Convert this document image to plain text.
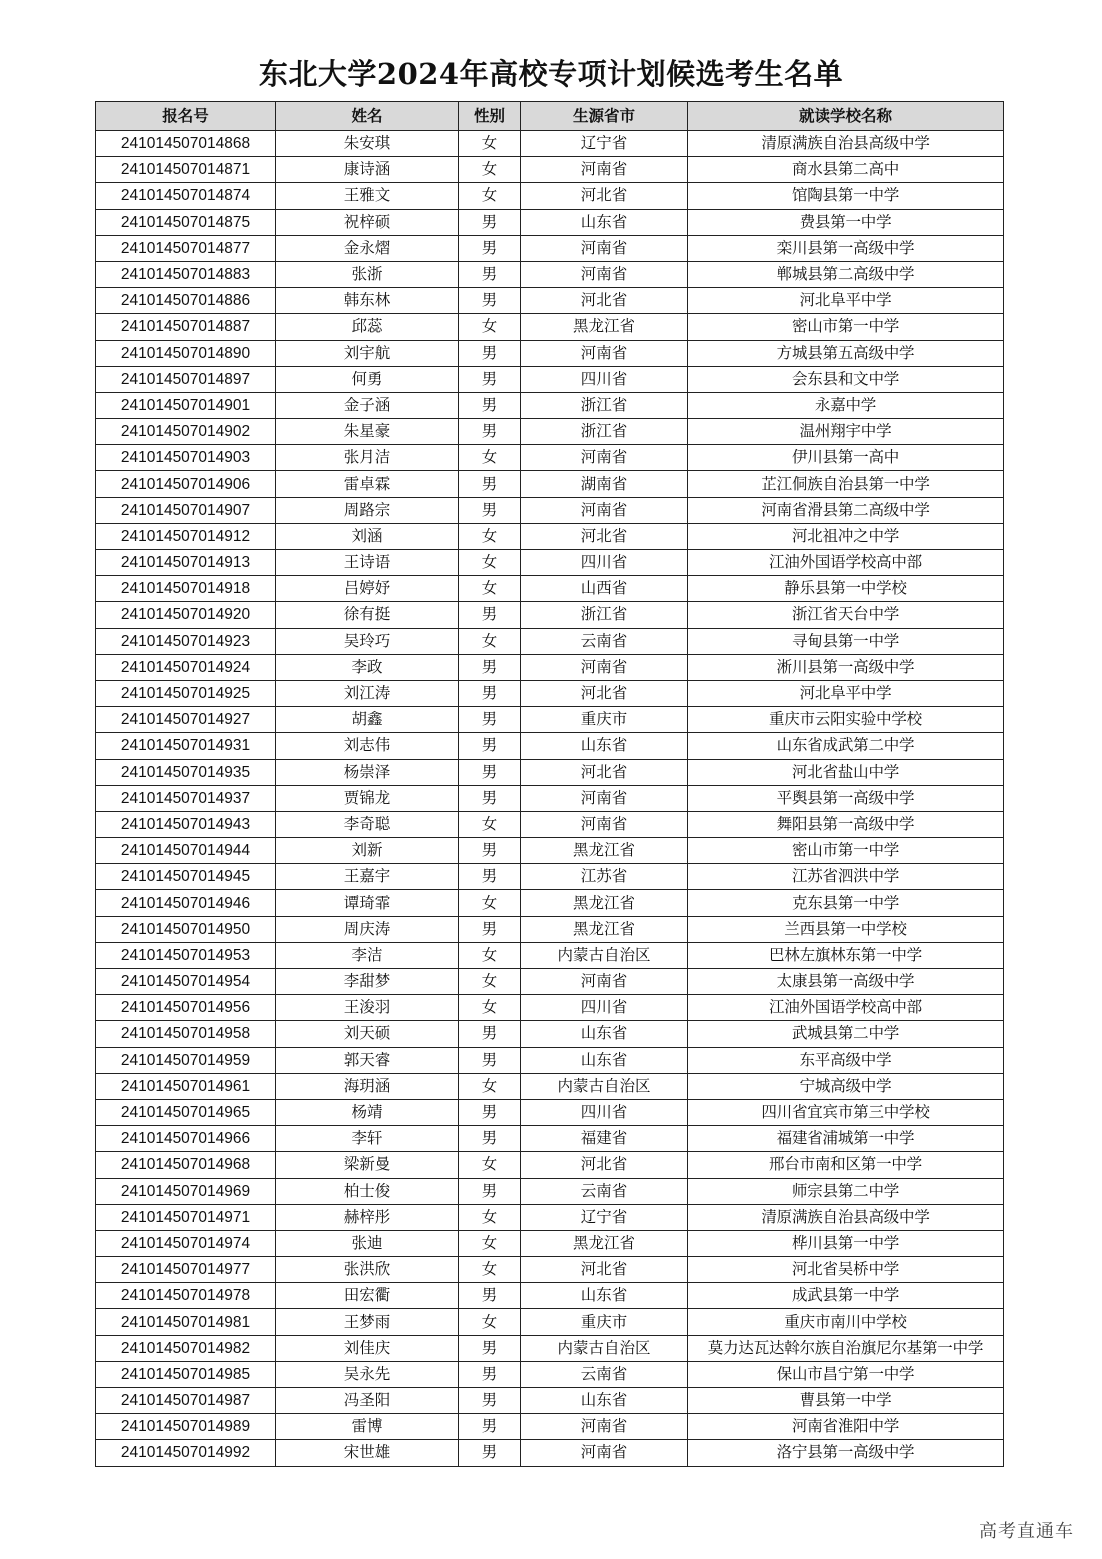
东北大学2024年高校专项计划候选考生名单
报名号	姓名	性别	生源省市	就读学校名称
241014507014868	朱安琪	女	辽宁省	清原满族自治县高级中学
241014507014871	康诗涵	女	河南省	商水县第二高中
241014507014874	王雅文	女	河北省	馆陶县第一中学
241014507014875	祝梓硕	男	山东省	费县第一中学
241014507014877	金永熠	男	河南省	栾川县第一高级中学
241014507014883	张浙	男	河南省	郸城县第二高级中学
241014507014886	韩东林	男	河北省	河北阜平中学
241014507014887	邱蕊	女	黑龙江省	密山市第一中学
241014507014890	刘宇航	男	河南省	方城县第五高级中学
241014507014897	何勇	男	四川省	会东县和文中学
241014507014901	金子涵	男	浙江省	永嘉中学
241014507014902	朱星豪	男	浙江省	温州翔宇中学
241014507014903	张月洁	女	河南省	伊川县第一高中
241014507014906	雷卓霖	男	湖南省	芷江侗族自治县第一中学
241014507014907	周路宗	男	河南省	河南省滑县第二高级中学
241014507014912	刘涵	女	河北省	河北祖冲之中学
241014507014913	王诗语	女	四川省	江油外国语学校高中部
241014507014918	吕婷妤	女	山西省	静乐县第一中学校
241014507014920	徐有挺	男	浙江省	浙江省天台中学
241014507014923	吴玲巧	女	云南省	寻甸县第一中学
241014507014924	李政	男	河南省	淅川县第一高级中学
241014507014925	刘江涛	男	河北省	河北阜平中学
241014507014927	胡鑫	男	重庆市	重庆市云阳实验中学校
241014507014931	刘志伟	男	山东省	山东省成武第二中学
241014507014935	杨崇泽	男	河北省	河北省盐山中学
241014507014937	贾锦龙	男	河南省	平舆县第一高级中学
241014507014943	李奇聪	女	河南省	舞阳县第一高级中学
241014507014944	刘新	男	黑龙江省	密山市第一中学
241014507014945	王嘉宇	男	江苏省	江苏省泗洪中学
241014507014946	谭琦霏	女	黑龙江省	克东县第一中学
241014507014950	周庆涛	男	黑龙江省	兰西县第一中学校
241014507014953	李洁	女	内蒙古自治区	巴林左旗林东第一中学
241014507014954	李甜梦	女	河南省	太康县第一高级中学
241014507014956	王浚羽	女	四川省	江油外国语学校高中部
241014507014958	刘天硕	男	山东省	武城县第二中学
241014507014959	郭天睿	男	山东省	东平高级中学
241014507014961	海玥涵	女	内蒙古自治区	宁城高级中学
241014507014965	杨靖	男	四川省	四川省宜宾市第三中学校
241014507014966	李轩	男	福建省	福建省浦城第一中学
241014507014968	梁新曼	女	河北省	邢台市南和区第一中学
241014507014969	柏士俊	男	云南省	师宗县第二中学
241014507014971	赫梓彤	女	辽宁省	清原满族自治县高级中学
241014507014974	张迪	女	黑龙江省	桦川县第一中学
241014507014977	张洪欣	女	河北省	河北省吴桥中学
241014507014978	田宏衢	男	山东省	成武县第一中学
241014507014981	王梦雨	女	重庆市	重庆市南川中学校
241014507014982	刘佳庆	男	内蒙古自治区	莫力达瓦达斡尔族自治旗尼尔基第一中学
241014507014985	吴永先	男	云南省	保山市昌宁第一中学
241014507014987	冯圣阳	男	山东省	曹县第一中学
241014507014989	雷博	男	河南省	河南省淮阳中学
241014507014992	宋世雄	男	河南省	洛宁县第一高级中学
高考直通车
